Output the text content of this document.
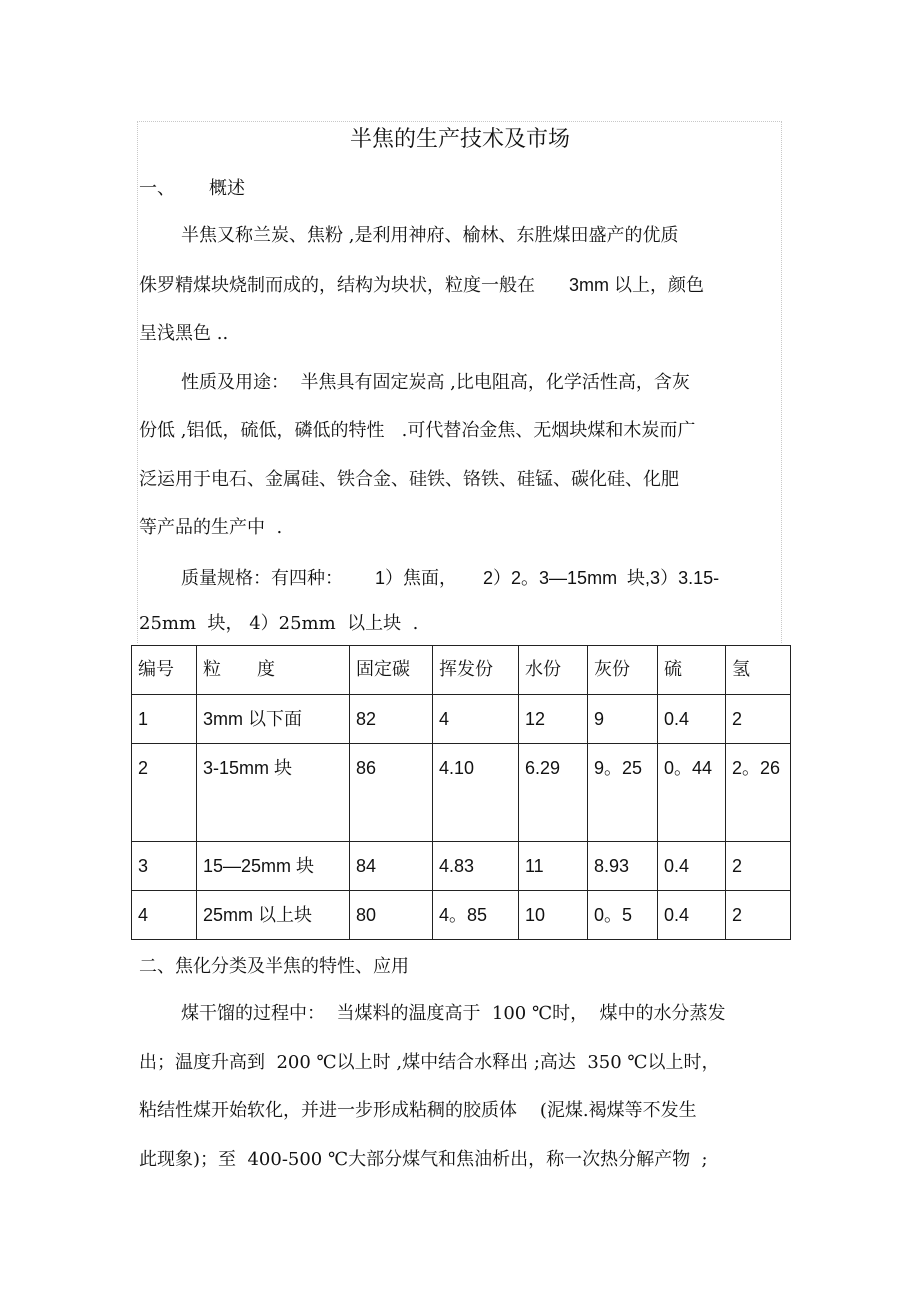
半焦的生产技术及市场
一、 概述
半焦又称兰炭、焦粉 ,是利用神府、榆林、东胜煤田盛产的优质
侏罗精煤块烧制而成的，结构为块状，粒度一般在 3mm 以上，颜色
呈浅黑色 ..
性质及用途：  半焦具有固定炭高 ,比电阻高，化学活性高，含灰
份低 ,铝低，硫低，磷低的特性   .可代替冶金焦、无烟块煤和木炭而广
泛运用于电石、金属硅、铁合金、硅铁、铬铁、硅锰、碳化硅、化肥
等产品的生产中  .
质量规格：有四种： 1）焦面， 2）2。3—15mm  块,3）3.15-
25mm  块， 4）25mm  以上块  .
编号	粒　　度	固定碳	挥发份	水份	灰份	硫	氢
1	3mm 以下面	82	4	12	9	0.4	2
2	3-15mm 块	86	4.10	6.29	9。25	0。44	2。26
3	15—25mm 块	84	4.83	11	8.93	0.4	2
4	25mm 以上块	80	4。85	10	0。5	0.4	2
二、焦化分类及半焦的特性、应用
煤干馏的过程中：  当煤料的温度高于  100 ℃时，  煤中的水分蒸发
出；温度升高到  200 ℃以上时 ,煤中结合水释出 ;高达  350 ℃以上时，
粘结性煤开始软化，并进一步形成粘稠的胶质体    (泥煤.褐煤等不发生
此现象)；至  400-500 ℃大部分煤气和焦油析出，称一次热分解产物  ;
